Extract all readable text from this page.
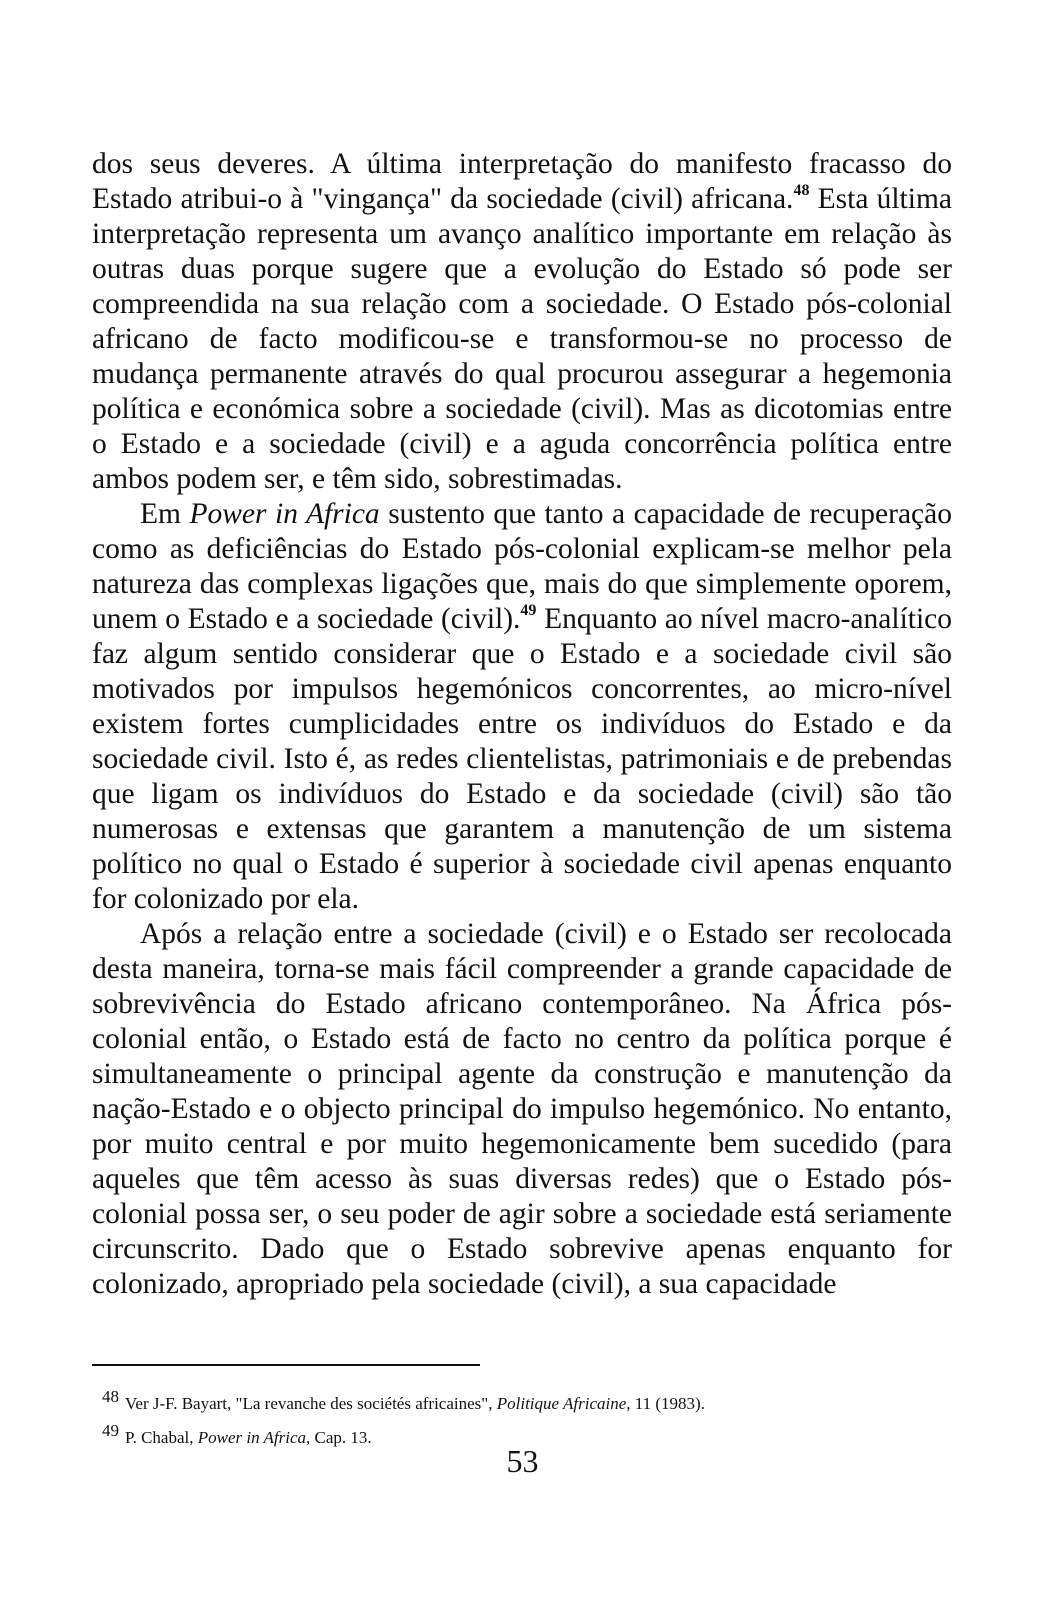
dos seus deveres. A última interpretação do manifesto fracasso do Estado atribui-o à "vingança" da sociedade (civil) africana.$^{48}$ Esta última interpretação representa um avanço analítico importante em relação às outras duas porque sugere que a evolução do Estado só pode ser compreendida na sua relação com a sociedade. O Estado pós-colonial africano de facto modificou-se e transformou-se no processo de mudança permanente através do qual procurou assegurar a hegemonia política e económica sobre a sociedade (civil). Mas as dicotomias entre o Estado e a sociedade (civil) e a aguda concorrência política entre ambos podem ser, e têm sido, sobrestimadas.

Em Power in Africa sustento que tanto a capacidade de recuperação como as deficiências do Estado pós-colonial explicam-se melhor pela natureza das complexas ligações que, mais do que simplemente oporem, unem o Estado e a sociedade (civil).$^{49}$ Enquanto ao nível macro-analítico faz algum sentido considerar que o Estado e a sociedade civil são motivados por impulsos hegemónicos concorrentes, ao micro-nível existem fortes cumplicidades entre os indivíduos do Estado e da sociedade civil. Isto é, as redes clientelistas, patrimoniais e de prebendas que ligam os indivíduos do Estado e da sociedade (civil) são tão numerosas e extensas que garantem a manutenção de um sistema político no qual o Estado é superior à sociedade civil apenas enquanto for colonizado por ela.

Após a relação entre a sociedade (civil) e o Estado ser recolocada desta maneira, torna-se mais fácil compreender a grande capacidade de sobrevivência do Estado africano contemporâneo. Na África pós-colonial então, o Estado está de facto no centro da política porque é simultaneamente o principal agente da construção e manutenção da nação-Estado e o objecto principal do impulso hegemónico. No entanto, por muito central e por muito hegemonicamente bem sucedido (para aqueles que têm acesso às suas diversas redes) que o Estado pós-colonial possa ser, o seu poder de agir sobre a sociedade está seriamente circunscrito. Dado que o Estado sobrevive apenas enquanto for colonizado, apropriado pela sociedade (civil), a sua capacidade

48 Ver J-F. Bayart, "La revanche des sociétés africaines", Politique Africaine, 11 (1983).
49 P. Chabal, Power in Africa, Cap. 13.
53
